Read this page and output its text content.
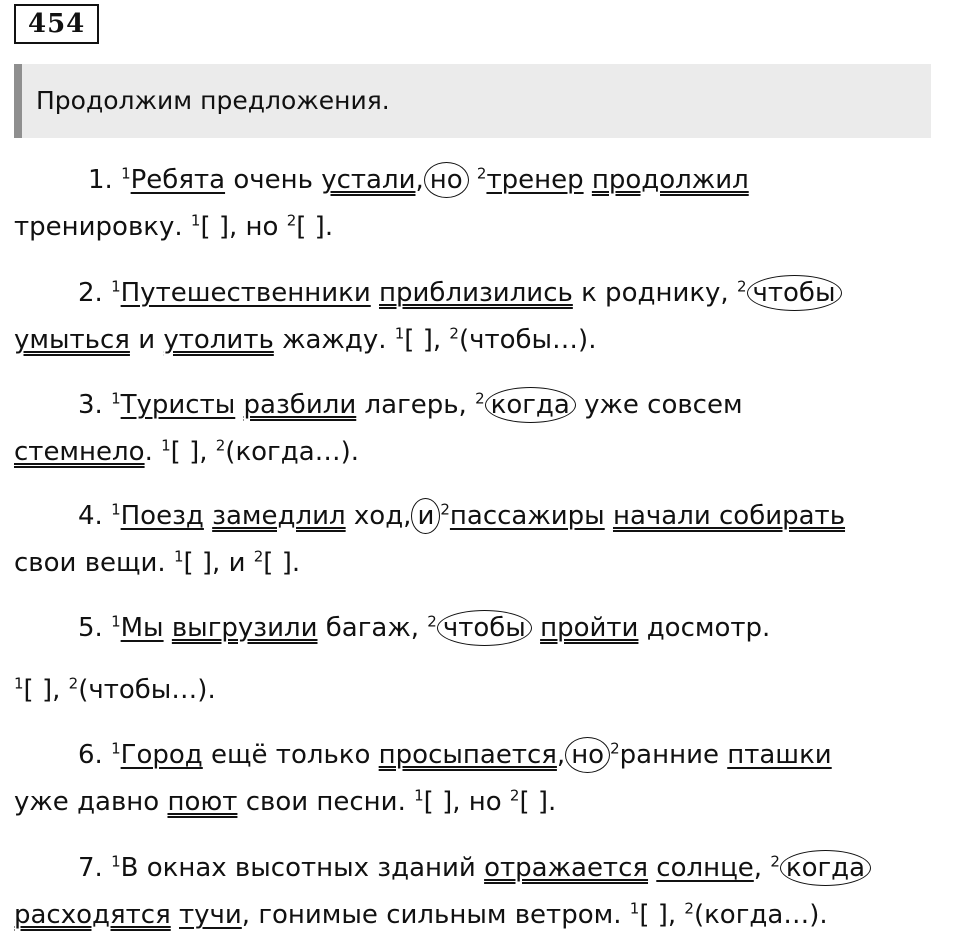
454
Продолжим предложения.
1. $^1$Ребята очень устали, но $^2$тренер продолжил
тренировку. $^1$[ ], но $^2$[ ].
2. $^1$Путешественники приблизились к роднику, $^2$ чтобы
умыться и утолить жажду. $^1$[ ], $^2$(чтобы…).
3. $^1$Туристы разбили лагерь, $^2$ когда уже совсем
стемнело. $^1$[ ], $^2$(когда…).
4. $^1$Поезд замедлил ход, и $^2$пассажиры начали собирать
свои вещи. $^1$[ ], и $^2$[ ].
5. $^1$Мы выгрузили багаж, $^2$ чтобы пройти досмотр.
$^1$[ ], $^2$(чтобы…).
6. $^1$Город ещё только просыпается, но $^2$ранние пташки
уже давно поют свои песни. $^1$[ ], но $^2$[ ].
7. $^1$В окнах высотных зданий отражается солнце, $^2$ когда
расходятся тучи, гонимые сильным ветром. $^1$[ ], $^2$(когда…).
